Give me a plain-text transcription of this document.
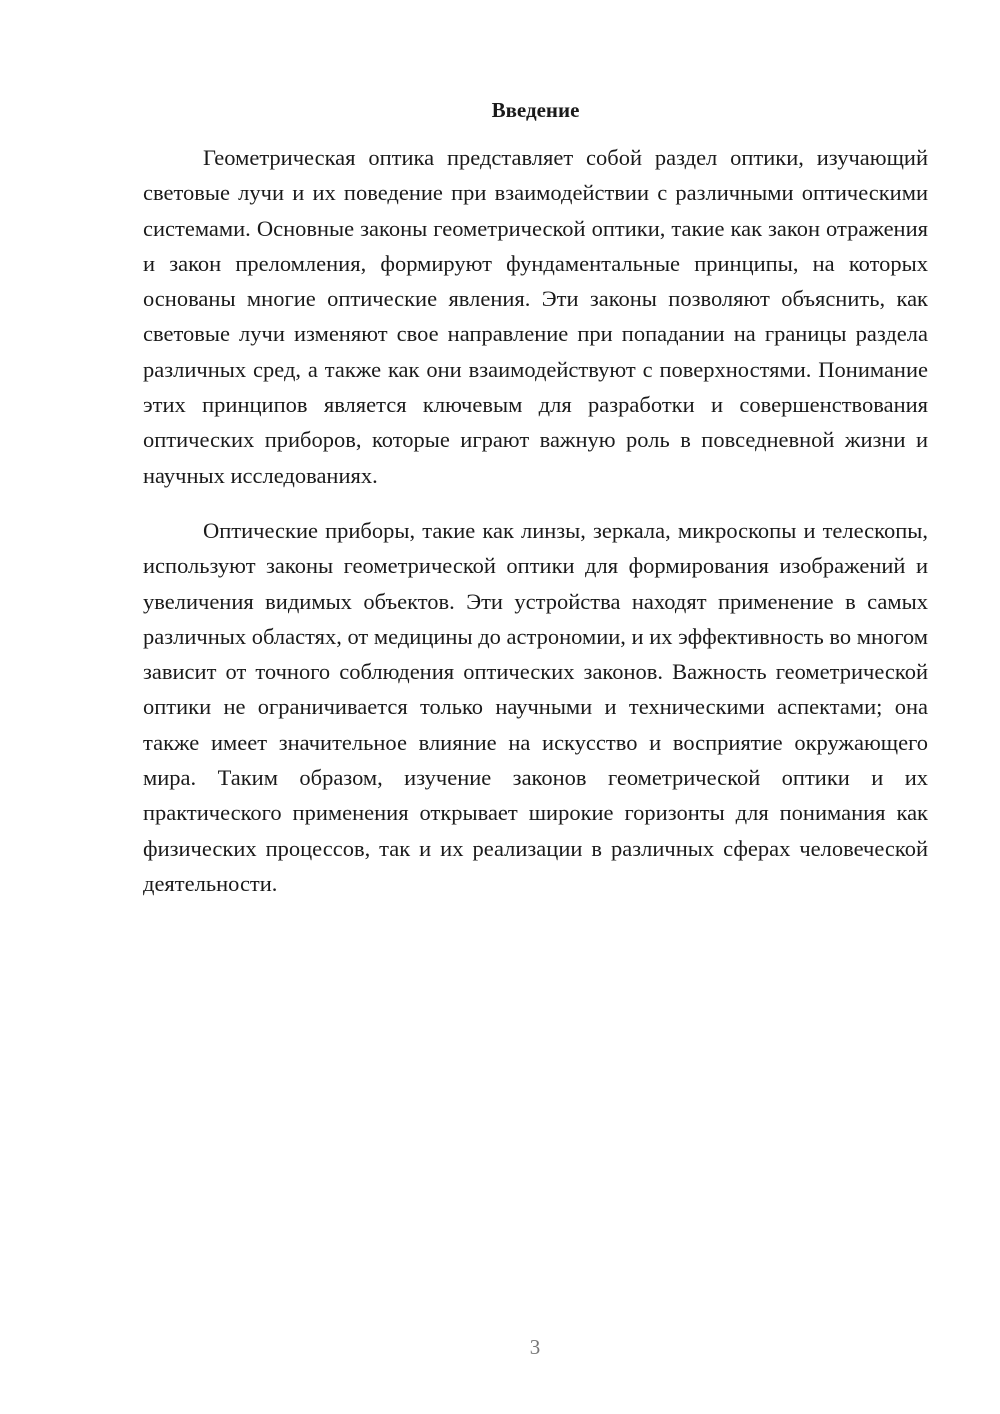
Введение

Геометрическая оптика представляет собой раздел оптики, изучающий световые лучи и их поведение при взаимодействии с различными оптическими системами. Основные законы геометрической оптики, такие как закон отражения и закон преломления, формируют фундаментальные принципы, на которых основаны многие оптические явления. Эти законы позволяют объяснить, как световые лучи изменяют свое направление при попадании на границы раздела различных сред, а также как они взаимодействуют с поверхностями. Понимание этих принципов является ключевым для разработки и совершенствования оптических приборов, которые играют важную роль в повседневной жизни и научных исследованиях.

Оптические приборы, такие как линзы, зеркала, микроскопы и телескопы, используют законы геометрической оптики для формирования изображений и увеличения видимых объектов. Эти устройства находят применение в самых различных областях, от медицины до астрономии, и их эффективность во многом зависит от точного соблюдения оптических законов. Важность геометрической оптики не ограничивается только научными и техническими аспектами; она также имеет значительное влияние на искусство и восприятие окружающего мира. Таким образом, изучение законов геометрической оптики и их практического применения открывает широкие горизонты для понимания как физических процессов, так и их реализации в различных сферах человеческой деятельности.

3
